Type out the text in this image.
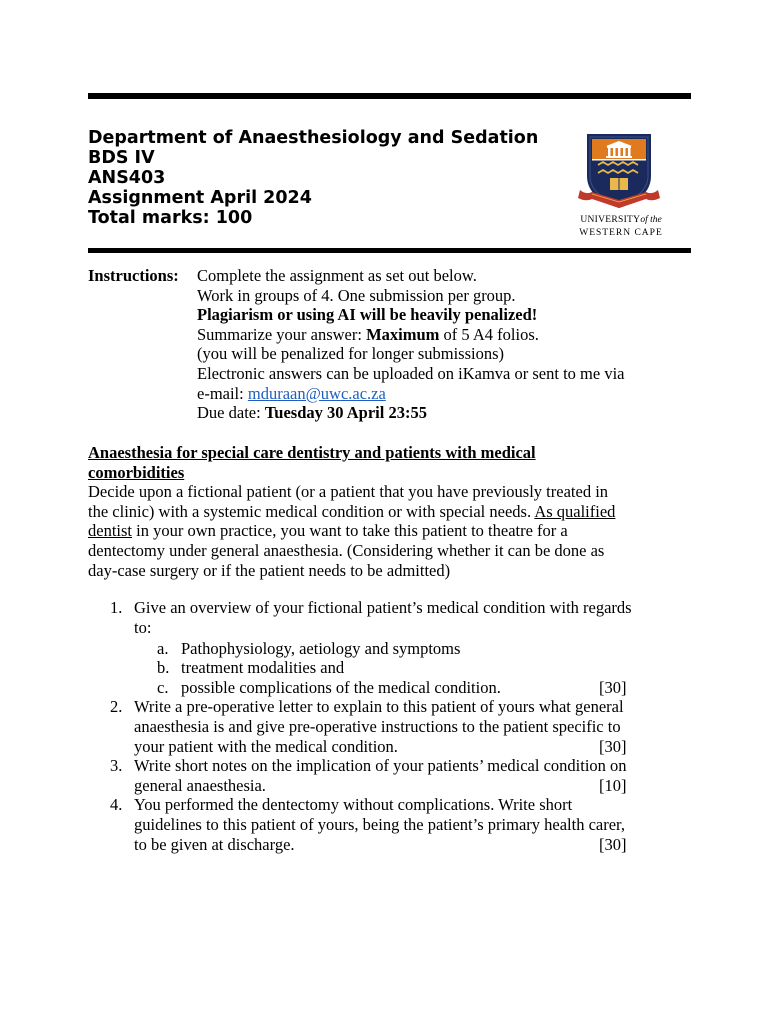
Department of Anaesthesiology and Sedation
BDS IV
ANS403
Assignment April 2024
Total marks: 100	UNIVERSITYof the
WESTERN CAPE
Instructions: Complete the assignment as set out below.
Work in groups of 4. One submission per group.
Plagiarism or using AI will be heavily penalized!
Summarize your answer: Maximum of 5 A4 folios.
(you will be penalized for longer submissions)
Electronic answers can be uploaded on iKamva or sent to me via
e-mail: mduraan@uwc.ac.za
Due date: Tuesday 30 April 23:55
Anaesthesia for special care dentistry and patients with medical
comorbidities
Decide upon a fictional patient (or a patient that you have previously treated in
the clinic) with a systemic medical condition or with special needs. As qualified
dentist in your own practice, you want to take this patient to theatre for a
dentectomy under general anaesthesia. (Considering whether it can be done as
day-case surgery or if the patient needs to be admitted)
1. Give an overview of your fictional patient’s medical condition with regards
to:
a. Pathophysiology, aetiology and symptoms
b. treatment modalities and
c. possible complications of the medical condition.	[30]
2. Write a pre-operative letter to explain to this patient of yours what general
anaesthesia is and give pre-operative instructions to the patient specific to
your patient with the medical condition.	[30]
3. Write short notes on the implication of your patients’ medical condition on
general anaesthesia.	[10]
4. You performed the dentectomy without complications. Write short
guidelines to this patient of yours, being the patient’s primary health carer,
to be given at discharge.	[30]
